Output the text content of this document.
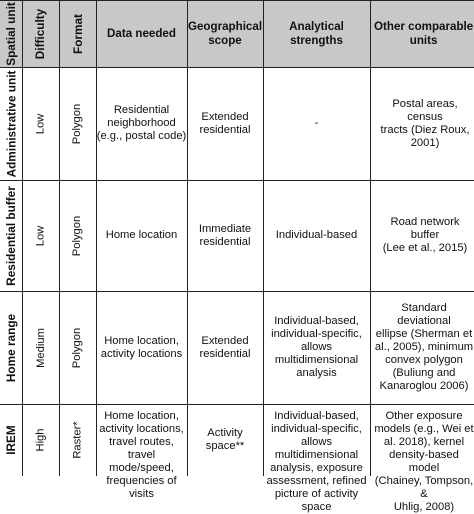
Spatial unit Difficulty Format Data needed
Geographical
scope
Analytical strengths
Other comparable
units
Administrative unit Low Polygon	Residential
neighborhood
(e.g., postal code)
Extended
residential
-
Postal areas, census
tracts (Diez Roux,
2001)
Residential buffer Low Polygon Home location
Immediate
residential
Individual-based
Road network buffer
(Lee et al., 2015)
Home range Medium Polygon	Home location,
activity locations
Extended
residential
Individual-based,
individual-specific,
allows
multidimensional
analysis
Standard deviational
ellipse (Sherman et
al., 2005), minimum
convex polygon
(Buliung and
Kanaroglou 2006)
IREM High Raster*
Home location,
activity locations,
travel routes, travel
mode/speed,
frequencies of
visits
Activity space**
Individual-based,
individual-specific,
allows
multidimensional
analysis, exposure
assessment, refined
picture of activity
space
Other exposure
models (e.g., Wei et
al. 2018), kernel
density-based model
(Chainey, Tompson, &
Uhlig, 2008)
